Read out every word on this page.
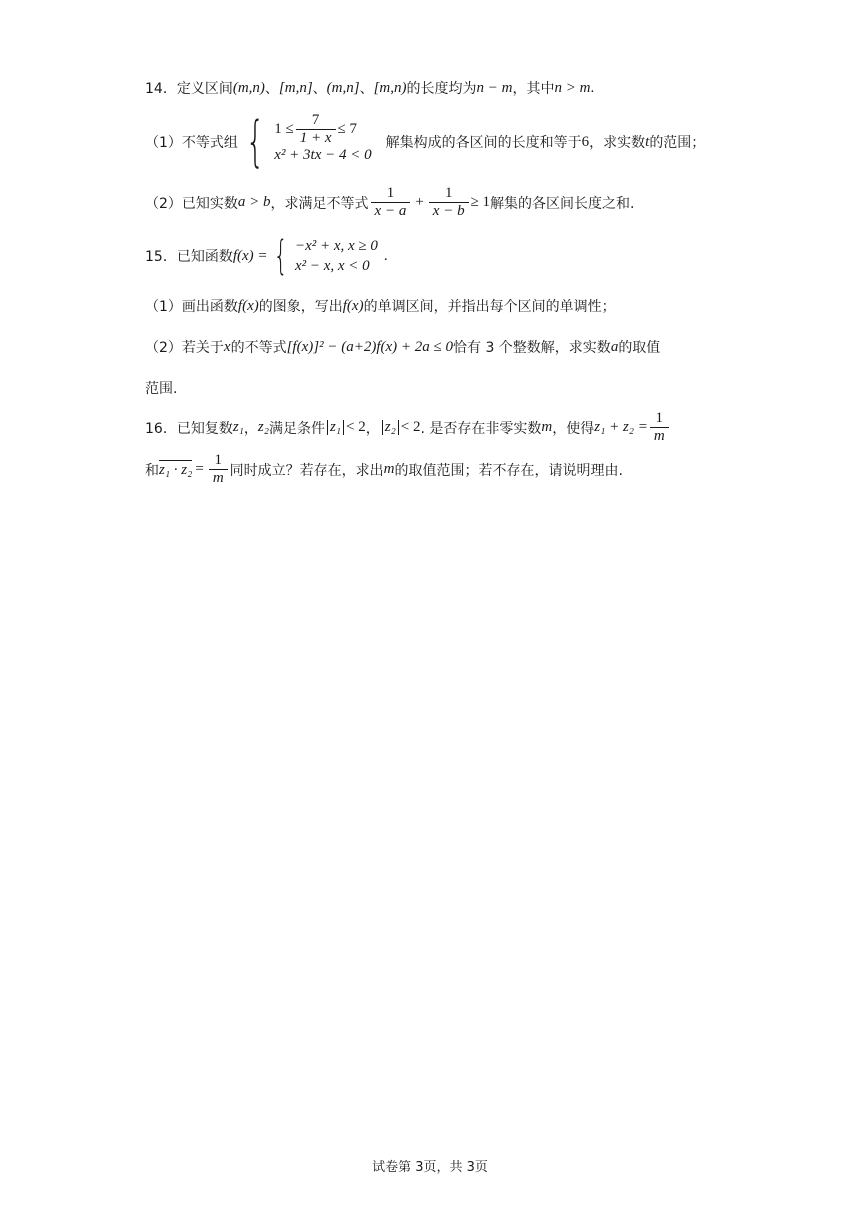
14． 定义区间 (m,n) 、 [m,n] 、 (m,n] 、 [m,n) 的长度均为 n − m ，其中 n > m .
（1）不等式组 { $1 \le \frac{7}{1 + x} \le 7$
x² + 3tx − 4 < 0
解集构成的各区间的长度和等于 6 ，求实数 t 的范围；
（2）已知实数 a > b ，求满足不等式 $\frac{1}{x - a} + \frac{1}{x - b} \ge 1$ 解集的各区间长度之和.
15． 已知函数 f(x) = { −x² + x, x ≥ 0
x² − x, x < 0
.
（1）画出函数 f(x) 的图象，写出 f(x) 的单调区间，并指出每个区间的单调性；
（2）若关于 x 的不等式 [f(x)]² − (a+2)f(x) + 2a ≤ 0 恰有 3 个整数解，求实数 a 的取值
范围.
16． 已知复数 z₁ ， z₂ 满足条件 z₁ < 2 ， z₂ < 2 . 是否存在非零实数 m ，使得 $z_1 + z_2 = \frac{1}{m}$
和 $z_1 \cdot z_2 = \frac{1}{m}$ 同时成立？若存在，求出 m 的取值范围；若不存在，请说明理由.
试卷第 3页，共 3页
